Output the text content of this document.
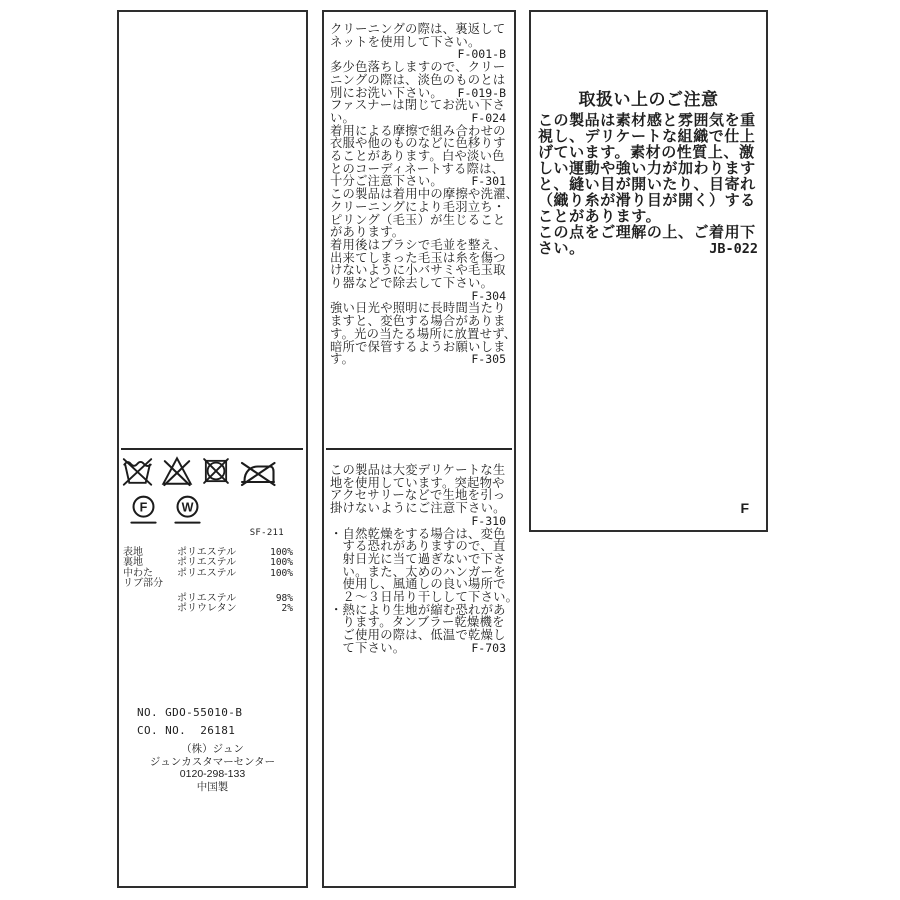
F	W
SF-211
表地	ポリエステル	100%
裏地	ポリエステル	100%
中わた	ポリエステル	100%
リブ部分
ポリエステル	98%
ポリウレタン	2%
NO. GDO-55010-B
CO. NO.  26181
（株）ジュン
ジュンカスタマーセンター
0120-298-133
中国製
クリーニングの際は、裏返して
ネットを使用して下さい。
F-001-B
多少色落ちしますので、クリー
ニングの際は、淡色のものとは
別にお洗い下さい。 F-019-B
ファスナーは閉じてお洗い下さ
い。	F-024
着用による摩擦で組み合わせの
衣服や他のものなどに色移りす
ることがあります。白や淡い色
とのコーディネートする際は、
十分ご注意下さい。 F-301
この製品は着用中の摩擦や洗濯、
クリーニングにより毛羽立ち・
ピリング（毛玉）が生じること
があります。
着用後はブラシで毛並を整え、
出来てしまった毛玉は糸を傷つ
けないように小バサミや毛玉取
り器などで除去して下さい。
F-304
強い日光や照明に長時間当たり
ますと、変色する場合がありま
す。光の当たる場所に放置せず、
暗所で保管するようお願いしま
す。	F-305
この製品は大変デリケートな生
地を使用しています。突起物や
アクセサリーなどで生地を引っ
掛けないようにご注意下さい。
F-310
・自然乾燥をする場合は、変色
　する恐れがありますので、直
　射日光に当て過ぎないで下さ
　い。また、太めのハンガーを
　使用し、風通しの良い場所で
　２～３日吊り干しして下さい。
・熱により生地が縮む恐れがあ
　ります。タンブラー乾燥機を
　ご使用の際は、低温で乾燥し
　て下さい。	F-703
取扱い上のご注意
この製品は素材感と雰囲気を重
視し、デリケートな組織で仕上
げています。素材の性質上、激
しい運動や強い力が加わります
と、縫い目が開いたり、目寄れ
（織り糸が滑り目が開く）する
ことがあります。
この点をご理解の上、ご着用下
さい。	JB-022
F
